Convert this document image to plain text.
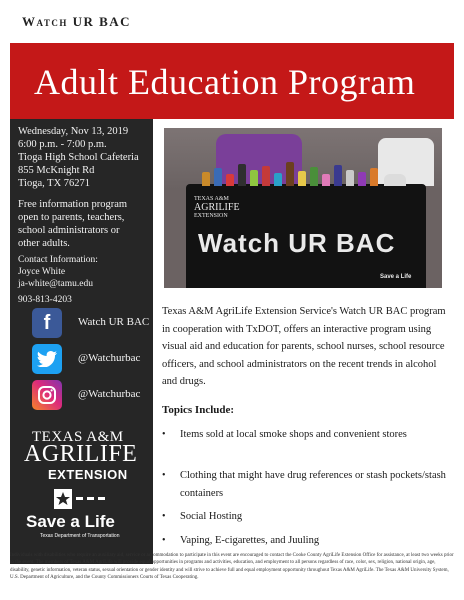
Watch UR BAC
Adult Education Program
Wednesday, Nov 13, 2019
6:00 p.m. - 7:00 p.m.
Tioga High School Cafeteria
855 McKnight Rd
Tioga, TX 76271
Free information program
open to parents, teachers,
school administrators or
other adults.
Contact Information:
Joyce White
ja-white@tamu.edu
903-813-4203
f	Watch UR BAC
@Watchurbac
@Watchurbac
TEXAS A&M
AGRILIFE
EXTENSION
Save a Life
Texas Department of Transportation
TEXAS A&M
AGRILIFE
EXTENSION
Watch UR BAC
Save a Life
Texas A&M AgriLife Extension Service's Watch UR BAC program in cooperation with TxDOT, offers an interactive program using visual aid and education for parents, school nurses, school resource officers, and school administrators on the recent trends in alcohol and drugs.
Topics Include:
• Items sold at local smoke shops and convenient stores
• Clothing that might have drug references or stash pockets/stash containers
• Social Hosting
• Vaping, E-cigarettes, and Juuling
Individuals with disabilities who require an auxiliary aid, service or accommodation to participate in this event are encouraged to contact the Cooke County AgriLife Extension Office for assistance, at least two weeks prior to the event. The members of Texas A&M AgriLife will provide equal opportunities in programs and activities, education, and employment to all persons regardless of race, color, sex, religion, national origin, age, disability, genetic information, veteran status, sexual orientation or gender identity and will strive to achieve full and equal employment opportunity throughout Texas A&M AgriLife. The Texas A&M University System, U.S. Department of Agriculture, and the County Commissioners Courts of Texas Cooperating.
